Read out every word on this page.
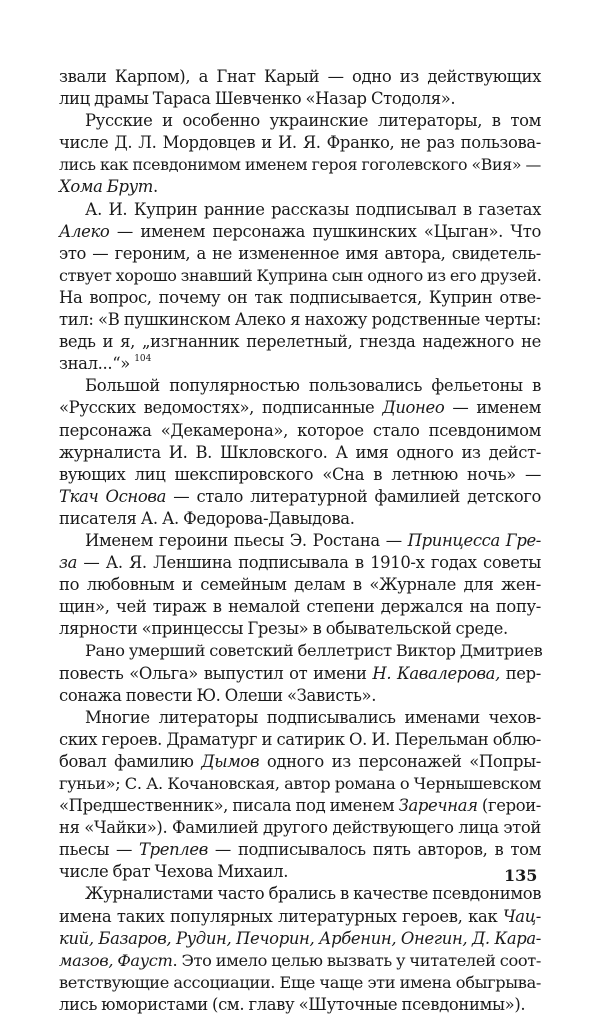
звали Карпом), а Гнат Карый — одно из действующих
лиц драмы Тараса Шевченко «Назар Стодоля».
Русские и особенно украинские литераторы, в том
числе Д. Л. Мордовцев и И. Я. Франко, не раз пользова-
лись как псевдонимом именем героя гоголевского «Вия» —
Хома Брут.
А. И. Куприн ранние рассказы подписывал в газетах
Алеко — именем персонажа пушкинских «Цыган». Что
это — героним, а не измененное имя автора, свидетель-
ствует хорошо знавший Куприна сын одного из его друзей.
На вопрос, почему он так подписывается, Куприн отве-
тил: «В пушкинском Алеко я нахожу родственные черты:
ведь и я, „изгнанник перелетный, гнезда надежного не
знал...“» $^{104}$
Большой популярностью пользовались фельетоны в
«Русских ведомостях», подписанные Дионео — именем
персонажа «Декамерона», которое стало псевдонимом
журналиста И. В. Шкловского. А имя одного из дейст-
вующих лиц шекспировского «Сна в летнюю ночь» —
Ткач Основа — стало литературной фамилией детского
писателя А. А. Федорова-Давыдова.
Именем героини пьесы Э. Ростана — Принцесса Гре-
за — А. Я. Леншина подписывала в 1910-х годах советы
по любовным и семейным делам в «Журнале для жен-
щин», чей тираж в немалой степени держался на попу-
лярности «принцессы Грезы» в обывательской среде.
Рано умерший советский беллетрист Виктор Дмитриев
повесть «Ольга» выпустил от имени Н. Кавалерова, пер-
сонажа повести Ю. Олеши «Зависть».
Многие литераторы подписывались именами чехов-
ских героев. Драматург и сатирик О. И. Перельман облю-
бовал фамилию Дымов одного из персонажей «Попры-
гуньи»; С. А. Кочановская, автор романа о Чернышевском
«Предшественник», писала под именем Заречная (герои-
ня «Чайки»). Фамилией другого действующего лица этой
пьесы — Треплев — подписывалось пять авторов, в том
числе брат Чехова Михаил.
Журналистами часто брались в качестве псевдонимов
имена таких популярных литературных героев, как Чац-
кий, Базаров, Рудин, Печорин, Арбенин, Онегин, Д. Кара-
мазов, Фауст. Это имело целью вызвать у читателей соот-
ветствующие ассоциации. Еще чаще эти имена обыгрыва-
лись юмористами (см. главу «Шуточные псевдонимы»).
135
